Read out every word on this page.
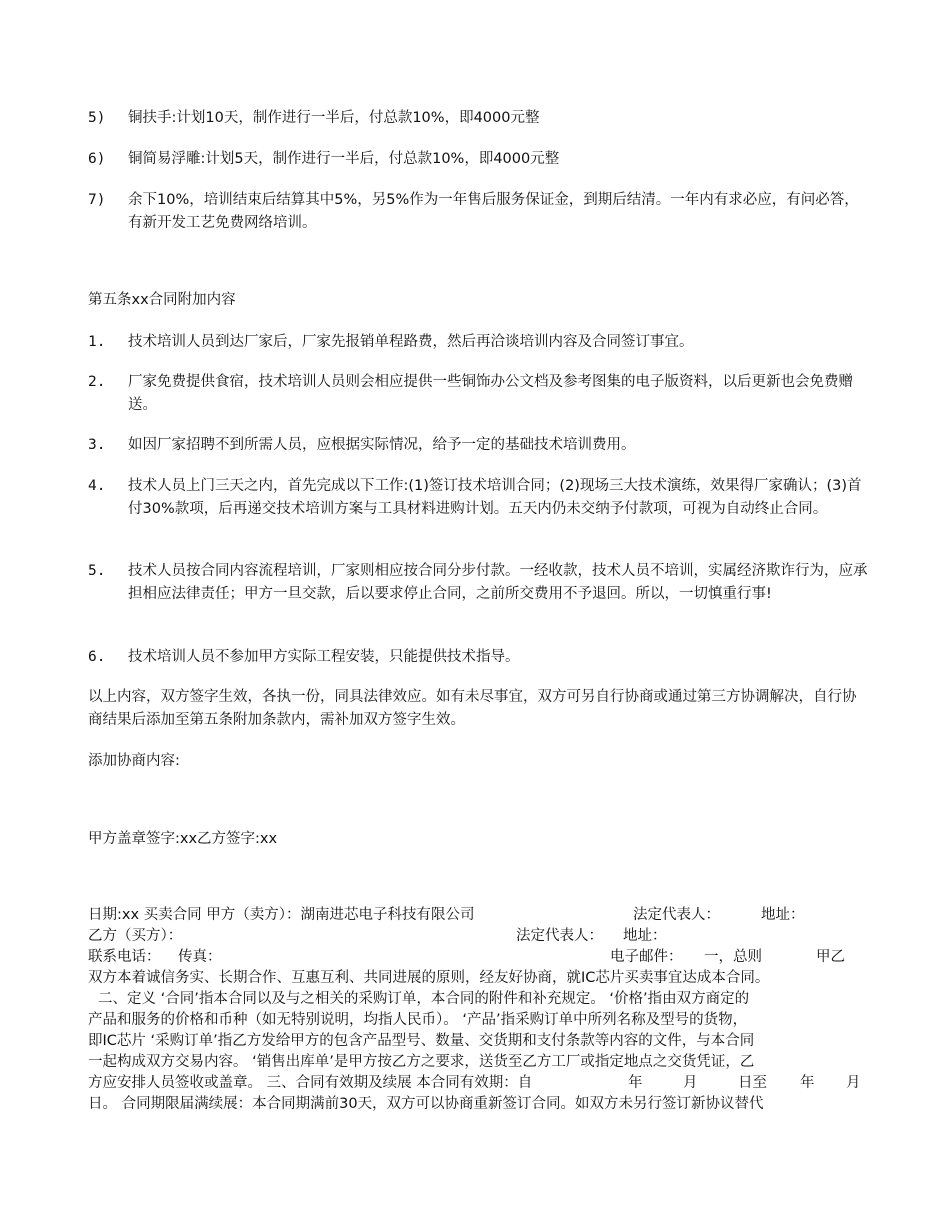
5) 铜扶手:计划10天，制作进行一半后，付总款10%，即4000元整
6) 铜简易浮雕:计划5天，制作进行一半后，付总款10%，即4000元整
7) 余下10%，培训结束后结算其中5%，另5%作为一年售后服务保证金，到期后结清。一年内有求必应，有问必答，有新开发工艺免费网络培训。
第五条xx合同附加内容
1. 技术培训人员到达厂家后，厂家先报销单程路费，然后再洽谈培训内容及合同签订事宜。
2. 厂家免费提供食宿，技术培训人员则会相应提供一些铜饰办公文档及参考图集的电子版资料，以后更新也会免费赠送。
3. 如因厂家招聘不到所需人员，应根据实际情况，给予一定的基础技术培训费用。
4. 技术人员上门三天之内，首先完成以下工作:(1)签订技术培训合同；(2)现场三大技术演练，效果得厂家确认；(3)首付30%款项，后再递交技术培训方案与工具材料进购计划。五天内仍未交纳予付款项，可视为自动终止合同。
5. 技术人员按合同内容流程培训，厂家则相应按合同分步付款。一经收款，技术人员不培训，实属经济欺诈行为，应承担相应法律责任；甲方一旦交款，后以要求停止合同，之前所交费用不予退回。所以，一切慎重行事!
6. 技术培训人员不参加甲方实际工程安装，只能提供技术指导。
以上内容，双方签字生效，各执一份，同具法律效应。如有未尽事宜，双方可另自行协商或通过第三方协调解决，自行协商结果后添加至第五条附加条款内，需补加双方签字生效。
添加协商内容:
甲方盖章签字:xx乙方签字:xx
日期:xx 买卖合同 甲方（卖方）：湖南进芯电子科技有限公司	法定代表人：	地址：
乙方（买方）：	法定代表人： 地址：
联系电话： 传真：	电子邮件： 一，总则	甲乙
双方本着诚信务实、长期合作、互惠互利、共同进展的原则，经友好协商，就IC芯片买卖事宜达成本合同。
二、定义 ‘合同’指本合同以及与之相关的采购订单，本合同的附件和补充规定。 ‘价格’指由双方商定的
产品和服务的价格和币种（如无特别说明，均指人民币）。 ‘产品’指采购订单中所列名称及型号的货物，
即IC芯片 ‘采购订单’指乙方发给甲方的包含产品型号、数量、交货期和支付条款等内容的文件，与本合同
一起构成双方交易内容。 ‘销售出库单’是甲方按乙方之要求，送货至乙方工厂或指定地点之交货凭证，乙
方应安排人员签收或盖章。 三、合同有效期及续展 本合同有效期：自	年	月	日至 年 月
日。 合同期限届满续展：本合同期满前30天，双方可以协商重新签订合同。如双方未另行签订新协议替代
